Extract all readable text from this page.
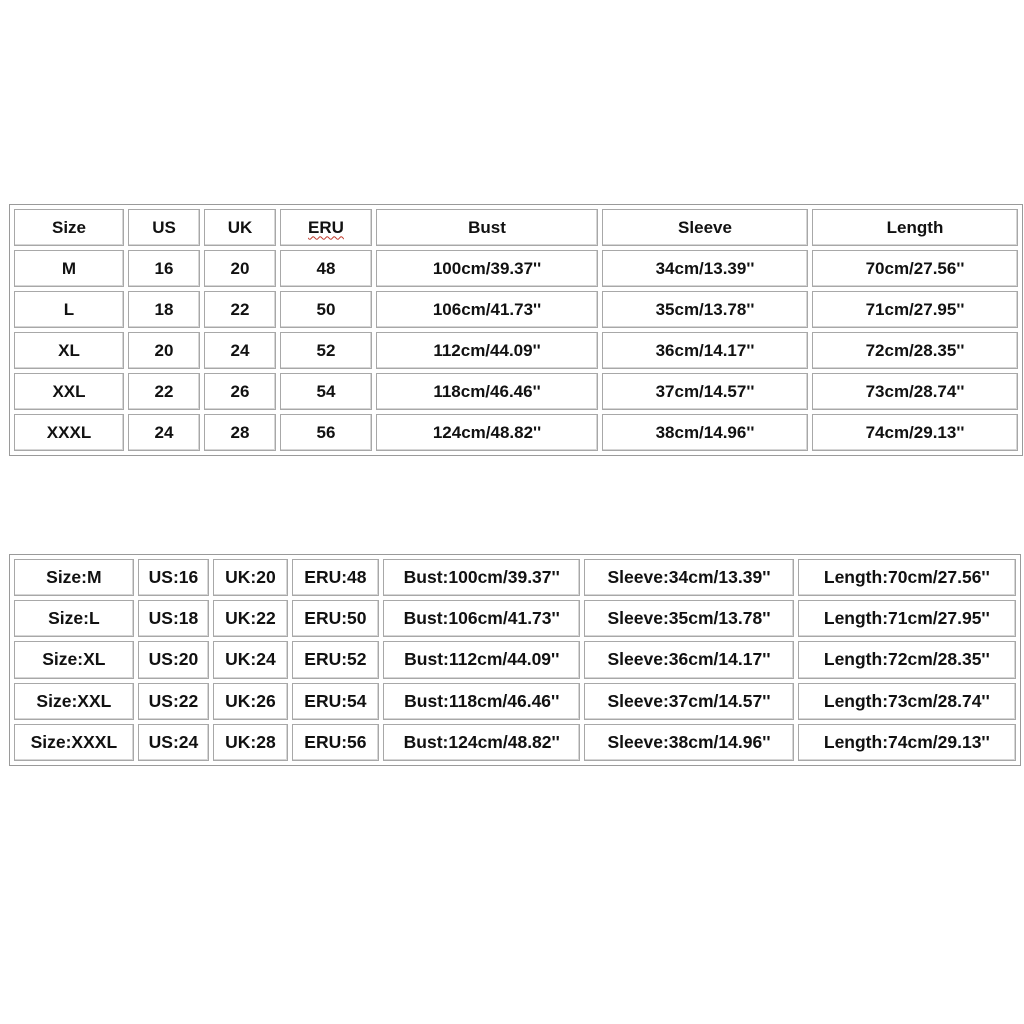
Size	US	UK	ERU	Bust	Sleeve	Length
M	16	20	48	100cm/39.37''	34cm/13.39''	70cm/27.56''
L	18	22	50	106cm/41.73''	35cm/13.78''	71cm/27.95''
XL	20	24	52	112cm/44.09''	36cm/14.17''	72cm/28.35''
XXL	22	26	54	118cm/46.46''	37cm/14.57''	73cm/28.74''
XXXL	24	28	56	124cm/48.82''	38cm/14.96''	74cm/29.13''
Size:M	US:16	UK:20	ERU:48	Bust:100cm/39.37''	Sleeve:34cm/13.39''	Length:70cm/27.56''
Size:L	US:18	UK:22	ERU:50	Bust:106cm/41.73''	Sleeve:35cm/13.78''	Length:71cm/27.95''
Size:XL	US:20	UK:24	ERU:52	Bust:112cm/44.09''	Sleeve:36cm/14.17''	Length:72cm/28.35''
Size:XXL	US:22	UK:26	ERU:54	Bust:118cm/46.46''	Sleeve:37cm/14.57''	Length:73cm/28.74''
Size:XXXL	US:24	UK:28	ERU:56	Bust:124cm/48.82''	Sleeve:38cm/14.96''	Length:74cm/29.13''
